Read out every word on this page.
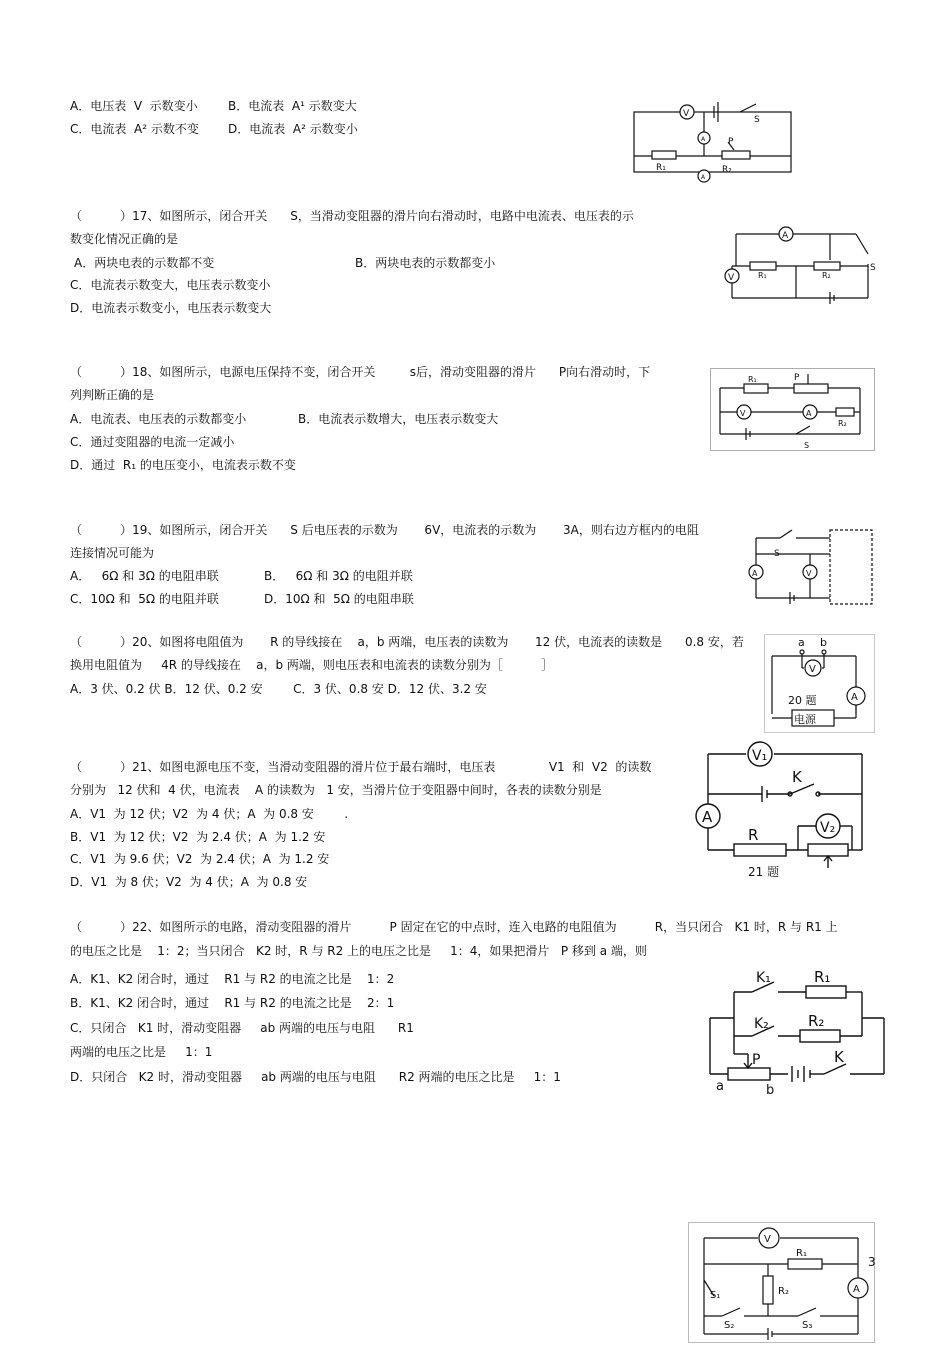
A．电压表  V  示数变小	B．电流表  A¹ 示数变大
C．电流表  A² 示数不变 D．电流表  A² 示数变小
V
S
A	P
R₁	R₂
A
（          ）17、如图所示，闭合开关      S，当滑动变阻器的滑片向右滑动时，电路中电流表、电压表的示
数变化情况正确的是
A．两块电表的示数都不变	B．两块电表的示数都变小
C．电流表示数变大，电压表示数变小
D．电流表示数变小，电压表示数变大
A
V	R₁	R₂
S
（          ）18、如图所示，电源电压保持不变，闭合开关         s后，滑动变阻器的滑片      P向右滑动时，下
列判断正确的是
A．电流表、电压表的示数都变小	B．电流表示数增大，电压表示数变大
C．通过变阻器的电流一定减小
D．通过  R₁ 的电压变小，电流表示数不变
R₁	P
V	A
R₂
S
（          ）19、如图所示，闭合开关      S 后电压表的示数为       6V，电流表的示数为       3A，则右边方框内的电阻
连接情况可能为
A．   6Ω 和 3Ω 的电阻串联	B．   6Ω 和 3Ω 的电阻并联
C．10Ω 和  5Ω 的电阻并联	D．10Ω 和  5Ω 的电阻串联
A	V
S
（          ）20、如图将电阻值为       R 的导线接在    a，b 两端，电压表的读数为       12 伏，电流表的读数是      0.8 安，若
换用电阻值为     4R 的导线接在    a，b 两端，则电压表和电流表的读数分别为［          ］
A．3 伏、0.2 伏 B．12 伏、0.2 安        C．3 伏、0.8 安 D．12 伏、3.2 安
a b
V
A
20 题
电源
（          ）21、如图电源电压不变，当滑动变阻器的滑片位于最右端时，电压表              V1  和  V2  的读数
分别为   12 伏和  4 伏，电流表    A 的读数为   1 安，当滑片位于变阻器中间时，各表的读数分别是
A．V1  为 12 伏；V2  为 4 伏；A  为 0.8 安        .
B．V1  为 12 伏；V2  为 2.4 伏；A  为 1.2 安
C．V1  为 9.6 伏；V2  为 2.4 伏；A  为 1.2 安
D．V1  为 8 伏；V2  为 4 伏；A  为 0.8 安
V₁
K
A
R	V₂
21 题
（          ）22、如图所示的电路，滑动变阻器的滑片          P 固定在它的中点时，连入电路的电阻值为          R，当只闭合   K1 时，R 与 R1 上
的电压之比是    1：2；当只闭合   K2 时，R 与 R2 上的电压之比是     1：4，如果把滑片   P 移到 a 端，则
A．K1、K2 闭合时，通过    R1 与 R2 的电流之比是    1：2
B．K1、K2 闭合时，通过    R1 与 R2 的电流之比是    2：1
C．只闭合   K1 时，滑动变阻器     ab 两端的电压与电阻      R1
两端的电压之比是     1：1
D．只闭合   K2 时，滑动变阻器     ab 两端的电压与电阻      R2 两端的电压之比是     1：1
K₁	R₁
K₂	R₂
P	K
a	b
V
R₁
S₁	R₂	A
S₂	S₃
3
